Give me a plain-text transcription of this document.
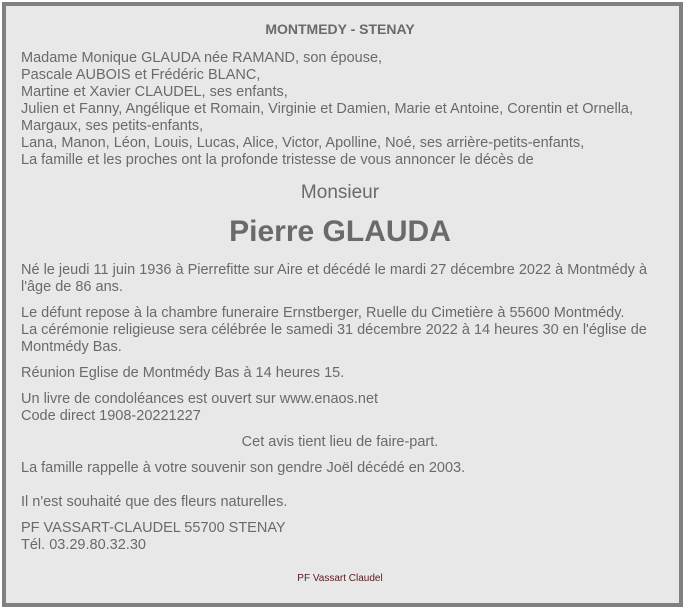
MONTMEDY - STENAY

Madame Monique GLAUDA née RAMAND, son épouse,

Pascale AUBOIS et Frédéric BLANC,

Martine et Xavier CLAUDEL, ses enfants,

Julien et Fanny, Angélique et Romain, Virginie et Damien, Marie et Antoine, Corentin et Ornella, Margaux, ses petits-enfants,

Lana, Manon, Léon, Louis, Lucas, Alice, Victor, Apolline, Noé, ses arrière-petits-enfants,

La famille et les proches ont la profonde tristesse de vous annoncer le décès de

Monsieur

Pierre GLAUDA

Né le jeudi 11 juin 1936 à Pierrefitte sur Aire et décédé le mardi 27 décembre 2022 à Montmédy à l'âge de 86 ans.

Le défunt repose à la chambre funeraire Ernstberger, Ruelle du Cimetière à 55600 Montmédy.

La cérémonie religieuse sera célébrée le samedi 31 décembre 2022 à 14 heures 30 en l'église de Montmédy Bas.

Réunion Eglise de Montmédy Bas à 14 heures 15.

Un livre de condoléances est ouvert sur www.enaos.net

Code direct 1908-20221227

Cet avis tient lieu de faire-part.

La famille rappelle à votre souvenir son gendre Joël décédé en 2003.

Il n'est souhaité que des fleurs naturelles.

PF VASSART-CLAUDEL 55700 STENAY

Tél. 03.29.80.32.30

PF Vassart Claudel
